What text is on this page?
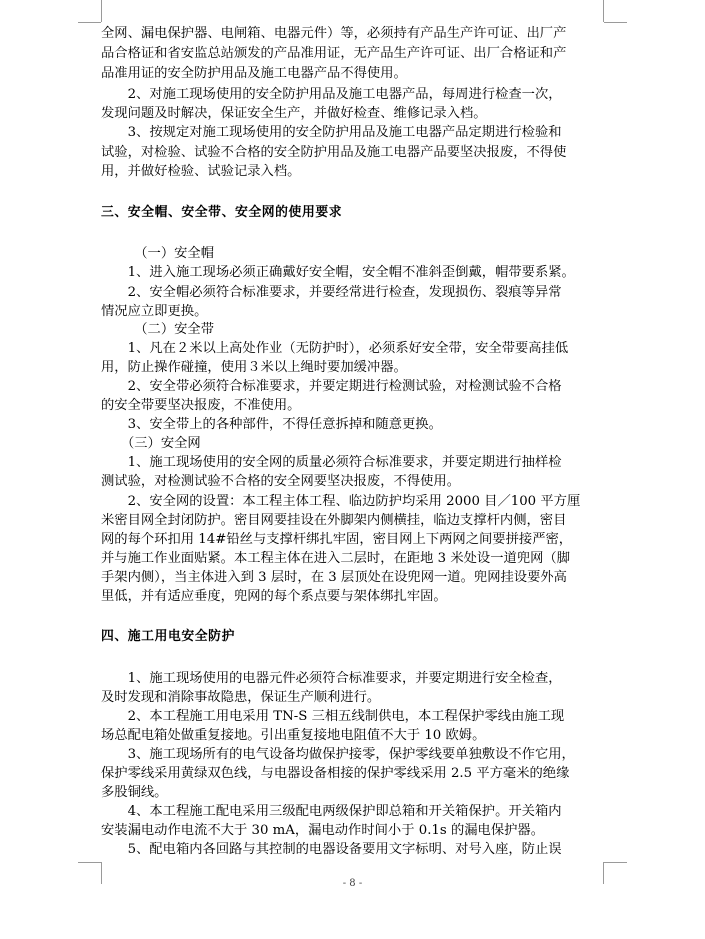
全网、漏电保护器、电闸箱、电器元件）等，必须持有产品生产许可证、出厂产
品合格证和省安监总站颁发的产品准用证，无产品生产许可证、出厂合格证和产
品准用证的安全防护用品及施工电器产品不得使用。
　　2、对施工现场使用的安全防护用品及施工电器产品，每周进行检查一次，
发现问题及时解决，保证安全生产，并做好检查、维修记录入档。
　　3、按规定对施工现场使用的安全防护用品及施工电器产品定期进行检验和
试验，对检验、试验不合格的安全防护用品及施工电器产品要坚决报废，不得使
用，并做好检验、试验记录入档。
三、安全帽、安全带、安全网的使用要求
　　　（一）安全帽
　　1、进入施工现场必须正确戴好安全帽，安全帽不准斜歪倒戴，帽带要系紧。
　　2、安全帽必须符合标准要求，并要经常进行检查，发现损伤、裂痕等异常
情况应立即更换。
　　　（二）安全带
　　1、凡在２米以上高处作业（无防护时），必须系好安全带，安全带要高挂低
用，防止操作碰撞，使用３米以上绳时要加缓冲器。
　　2、安全带必须符合标准要求，并要定期进行检测试验，对检测试验不合格
的安全带要坚决报废，不准使用。
　　3、安全带上的各种部件，不得任意拆掉和随意更换。
　　（三）安全网
　　1、施工现场使用的安全网的质量必须符合标准要求，并要定期进行抽样检
测试验，对检测试验不合格的安全网要坚决报废，不得使用。
　　2、安全网的设置：本工程主体工程、临边防护均采用 2000 目／100 平方厘
米密目网全封闭防护。密目网要挂设在外脚架内侧横挂，临边支撑杆内侧，密目
网的每个环扣用 14#铅丝与支撑杆绑扎牢固，密目网上下两网之间要拼接严密，
并与施工作业面贴紧。本工程主体在进入二层时，在距地 3 米处设一道兜网（脚
手架内侧），当主体进入到 3 层时，在 3 层顶处在设兜网一道。兜网挂设要外高
里低，并有适应垂度，兜网的每个系点要与架体绑扎牢固。
四、施工用电安全防护
　　1、施工现场使用的电器元件必须符合标准要求，并要定期进行安全检查，
及时发现和消除事故隐患，保证生产顺利进行。
　　2、本工程施工用电采用 TN-S 三相五线制供电，本工程保护零线由施工现
场总配电箱处做重复接地。引出重复接地电阻值不大于 10 欧姆。
　　3、施工现场所有的电气设备均做保护接零，保护零线要单独敷设不作它用，
保护零线采用黄绿双色线，与电器设备相接的保护零线采用 2.5 平方毫米的绝缘
多股铜线。
　　4、本工程施工配电采用三级配电两级保护即总箱和开关箱保护。开关箱内
安装漏电动作电流不大于 30 mA，漏电动作时间小于 0.1s 的漏电保护器。
　　5、配电箱内各回路与其控制的电器设备要用文字标明、对号入座，防止误
- 8 -
